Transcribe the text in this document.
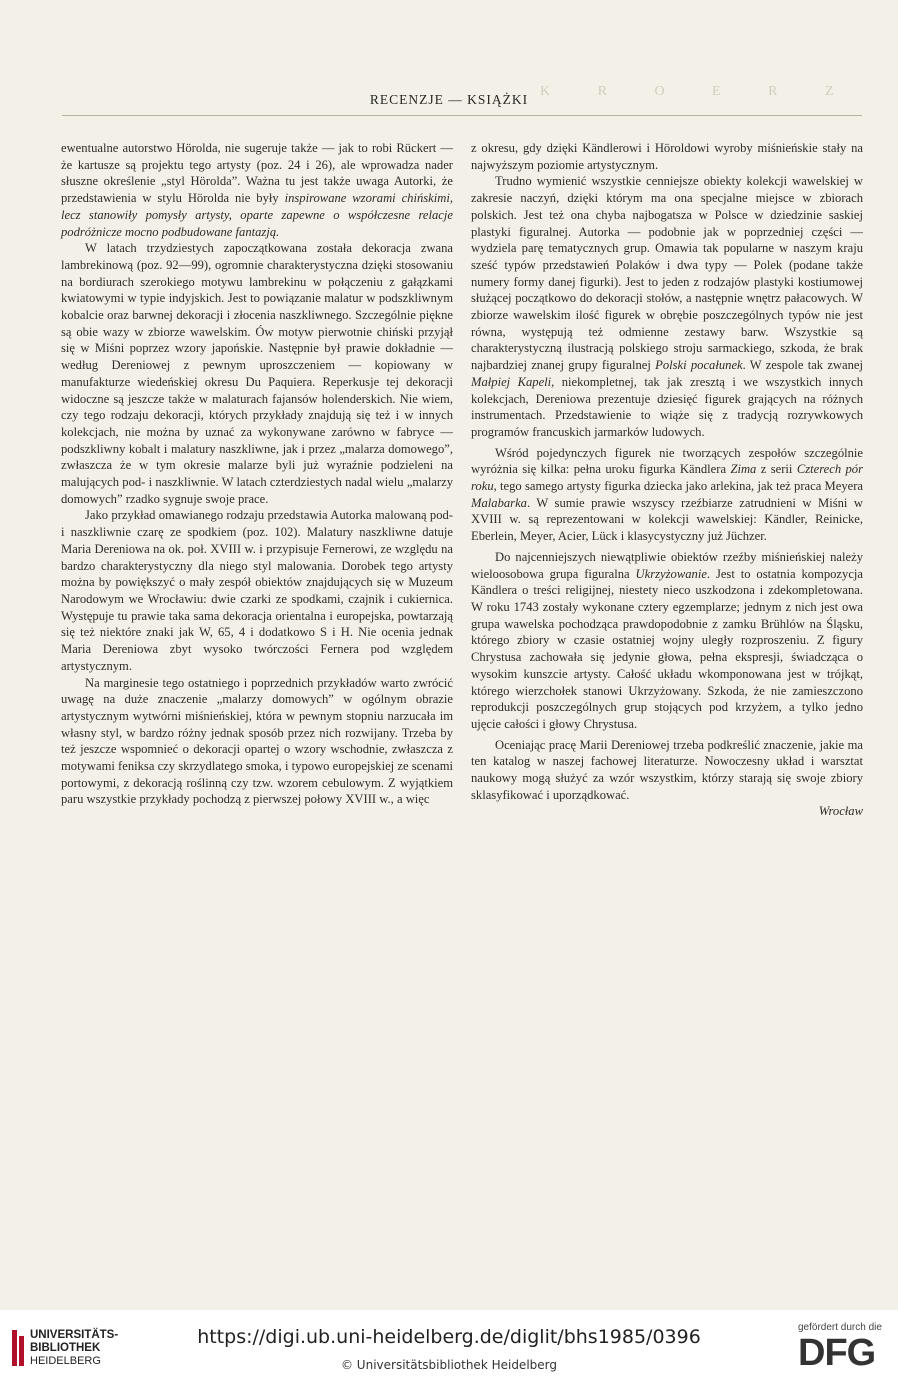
K R O E R Z
RECENZJE — KSIĄŻKI

ewentualne autorstwo Hörolda, nie sugeruje także — jak to robi Rückert — że kartusze są projektu tego artysty (poz. 24 i 26), ale wprowadza nader słuszne określenie „styl Hörolda”. Ważna tu jest także uwaga Autorki, że przedstawienia w stylu Hörolda nie były inspirowane wzorami chińskimi, lecz stanowiły pomysły artysty, oparte zapewne o współczesne relacje podróżnicze mocno podbudowane fantazją.

W latach trzydziestych zapoczątkowana została dekoracja zwana lambrekinową (poz. 92—99), ogromnie charakterystyczna dzięki stosowaniu na bordiurach szerokiego motywu lambrekinu w połączeniu z gałązkami kwiatowymi w typie indyjskich. Jest to powiązanie malatur w podszkliwnym kobalcie oraz barwnej dekoracji i złocenia naszkliwnego. Szczególnie piękne są obie wazy w zbiorze wawelskim. Ów motyw pierwotnie chiński przyjął się w Miśni poprzez wzory japońskie. Następnie był prawie dokładnie — według Dereniowej z pewnym uproszczeniem — kopiowany w manufakturze wiedeńskiej okresu Du Paquiera. Reperkusje tej dekoracji widoczne są jeszcze także w malaturach fajansów holenderskich. Nie wiem, czy tego rodzaju dekoracji, których przykłady znajdują się też i w innych kolekcjach, nie można by uznać za wykonywane zarówno w fabryce — podszkliwny kobalt i malatury naszkliwne, jak i przez „malarza domowego”, zwłaszcza że w tym okresie malarze byli już wyraźnie podzieleni na malujących pod- i naszkliwnie. W latach czterdziestych nadal wielu „malarzy domowych” rzadko sygnuje swoje prace.

Jako przykład omawianego rodzaju przedstawia Autorka malowaną pod- i naszkliwnie czarę ze spodkiem (poz. 102). Malatury naszkliwne datuje Maria Dereniowa na ok. poł. XVIII w. i przypisuje Fernerowi, ze względu na bardzo charakterystyczny dla niego styl malowania. Dorobek tego artysty można by powiększyć o mały zespół obiektów znajdujących się w Muzeum Narodowym we Wrocławiu: dwie czarki ze spodkami, czajnik i cukiernica. Występuje tu prawie taka sama dekoracja orientalna i europejska, powtarzają się też niektóre znaki jak W, 65, 4 i dodatkowo S i H. Nie ocenia jednak Maria Dereniowa zbyt wysoko twórczości Fernera pod względem artystycznym.

Na marginesie tego ostatniego i poprzednich przykładów warto zwrócić uwagę na duże znaczenie „malarzy domowych” w ogólnym obrazie artystycznym wytwórni miśnieńskiej, która w pewnym stopniu narzucała im własny styl, w bardzo różny jednak sposób przez nich rozwijany. Trzeba by też jeszcze wspomnieć o dekoracji opartej o wzory wschodnie, zwłaszcza z motywami feniksa czy skrzydlatego smoka, i typowo europejskiej ze scenami portowymi, z dekoracją roślinną czy tzw. wzorem cebulowym. Z wyjątkiem paru wszystkie przykłady pochodzą z pierwszej połowy XVIII w., a więc

z okresu, gdy dzięki Kändlerowi i Höroldowi wyroby miśnieńskie stały na najwyższym poziomie artystycznym.

Trudno wymienić wszystkie cenniejsze obiekty kolekcji wawelskiej w zakresie naczyń, dzięki którym ma ona specjalne miejsce w zbiorach polskich. Jest też ona chyba najbogatsza w Polsce w dziedzinie saskiej plastyki figuralnej. Autorka — podobnie jak w poprzedniej części — wydziela parę tematycznych grup. Omawia tak popularne w naszym kraju sześć typów przedstawień Polaków i dwa typy — Polek (podane także numery formy danej figurki). Jest to jeden z rodzajów plastyki kostiumowej służącej początkowo do dekoracji stołów, a następnie wnętrz pałacowych. W zbiorze wawelskim ilość figurek w obrębie poszczególnych typów nie jest równa, występują też odmienne zestawy barw. Wszystkie są charakterystyczną ilustracją polskiego stroju sarmackiego, szkoda, że brak najbardziej znanej grupy figuralnej Polski pocałunek. W zespole tak zwanej Małpiej Kapeli, niekompletnej, tak jak zresztą i we wszystkich innych kolekcjach, Dereniowa prezentuje dziesięć figurek grających na różnych instrumentach. Przedstawienie to wiąże się z tradycją rozrywkowych programów francuskich jarmarków ludowych.

Wśród pojedynczych figurek nie tworzących zespołów szczególnie wyróżnia się kilka: pełna uroku figurka Kändlera Zima z serii Czterech pór roku, tego samego artysty figurka dziecka jako arlekina, jak też praca Meyera Malabarka. W sumie prawie wszyscy rzeźbiarze zatrudnieni w Miśni w XVIII w. są reprezentowani w kolekcji wawelskiej: Kändler, Reinicke, Eberlein, Meyer, Acier, Lück i klasycystyczny już Jüchzer.

Do najcenniejszych niewątpliwie obiektów rzeźby miśnieńskiej należy wieloosobowa grupa figuralna Ukrzyżowanie. Jest to ostatnia kompozycja Kändlera o treści religijnej, niestety nieco uszkodzona i zdekompletowana. W roku 1743 zostały wykonane cztery egzemplarze; jednym z nich jest owa grupa wawelska pochodząca prawdopodobnie z zamku Brühlów na Śląsku, którego zbiory w czasie ostatniej wojny uległy rozproszeniu. Z figury Chrystusa zachowała się jedynie głowa, pełna ekspresji, świadcząca o wysokim kunszcie artysty. Całość układu wkomponowana jest w trójkąt, którego wierzchołek stanowi Ukrzyżowany. Szkoda, że nie zamieszczono reprodukcji poszczególnych grup stojących pod krzyżem, a tylko jedno ujęcie całości i głowy Chrystusa.

Oceniając pracę Marii Dereniowej trzeba podkreślić znaczenie, jakie ma ten katalog w naszej fachowej literaturze. Nowoczesny układ i warsztat naukowy mogą służyć za wzór wszystkim, którzy starają się swoje zbiory sklasyfikować i uporządkować.

Wrocław

UNIVERSITÄTS-
BIBLIOTHEK
HEIDELBERG
https://digi.ub.uni-heidelberg.de/diglit/bhs1985/0396
© Universitätsbibliothek Heidelberg
gefördert durch die
DFG
